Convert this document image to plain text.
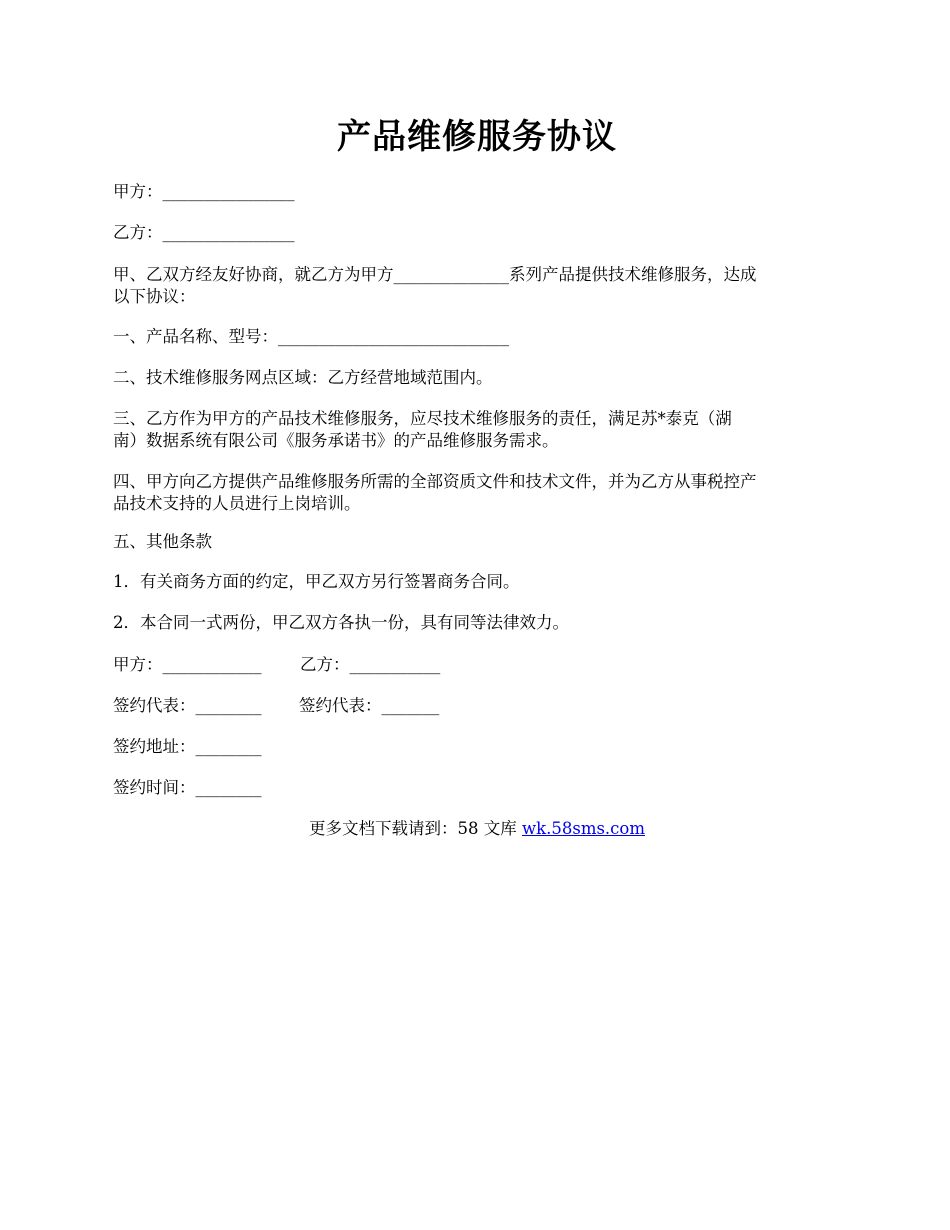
产品维修服务协议
甲方：________________
乙方：________________
甲、乙双方经友好协商，就乙方为甲方______________系列产品提供技术维修服务，达成
以下协议：
一、产品名称、型号：____________________________
二、技术维修服务网点区域：乙方经营地域范围内。
三、乙方作为甲方的产品技术维修服务，应尽技术维修服务的责任，满足苏*泰克（湖
南）数据系统有限公司《服务承诺书》的产品维修服务需求。
四、甲方向乙方提供产品维修服务所需的全部资质文件和技术文件，并为乙方从事税控产
品技术支持的人员进行上岗培训。
五、其他条款
1．有关商务方面的约定，甲乙双方另行签署商务合同。
2．本合同一式两份，甲乙双方各执一份，具有同等法律效力。
甲方：____________ 乙方：___________
签约代表：________ 签约代表：_______
签约地址：________
签约时间：________
更多文档下载请到：58 文库 wk.58sms.com
